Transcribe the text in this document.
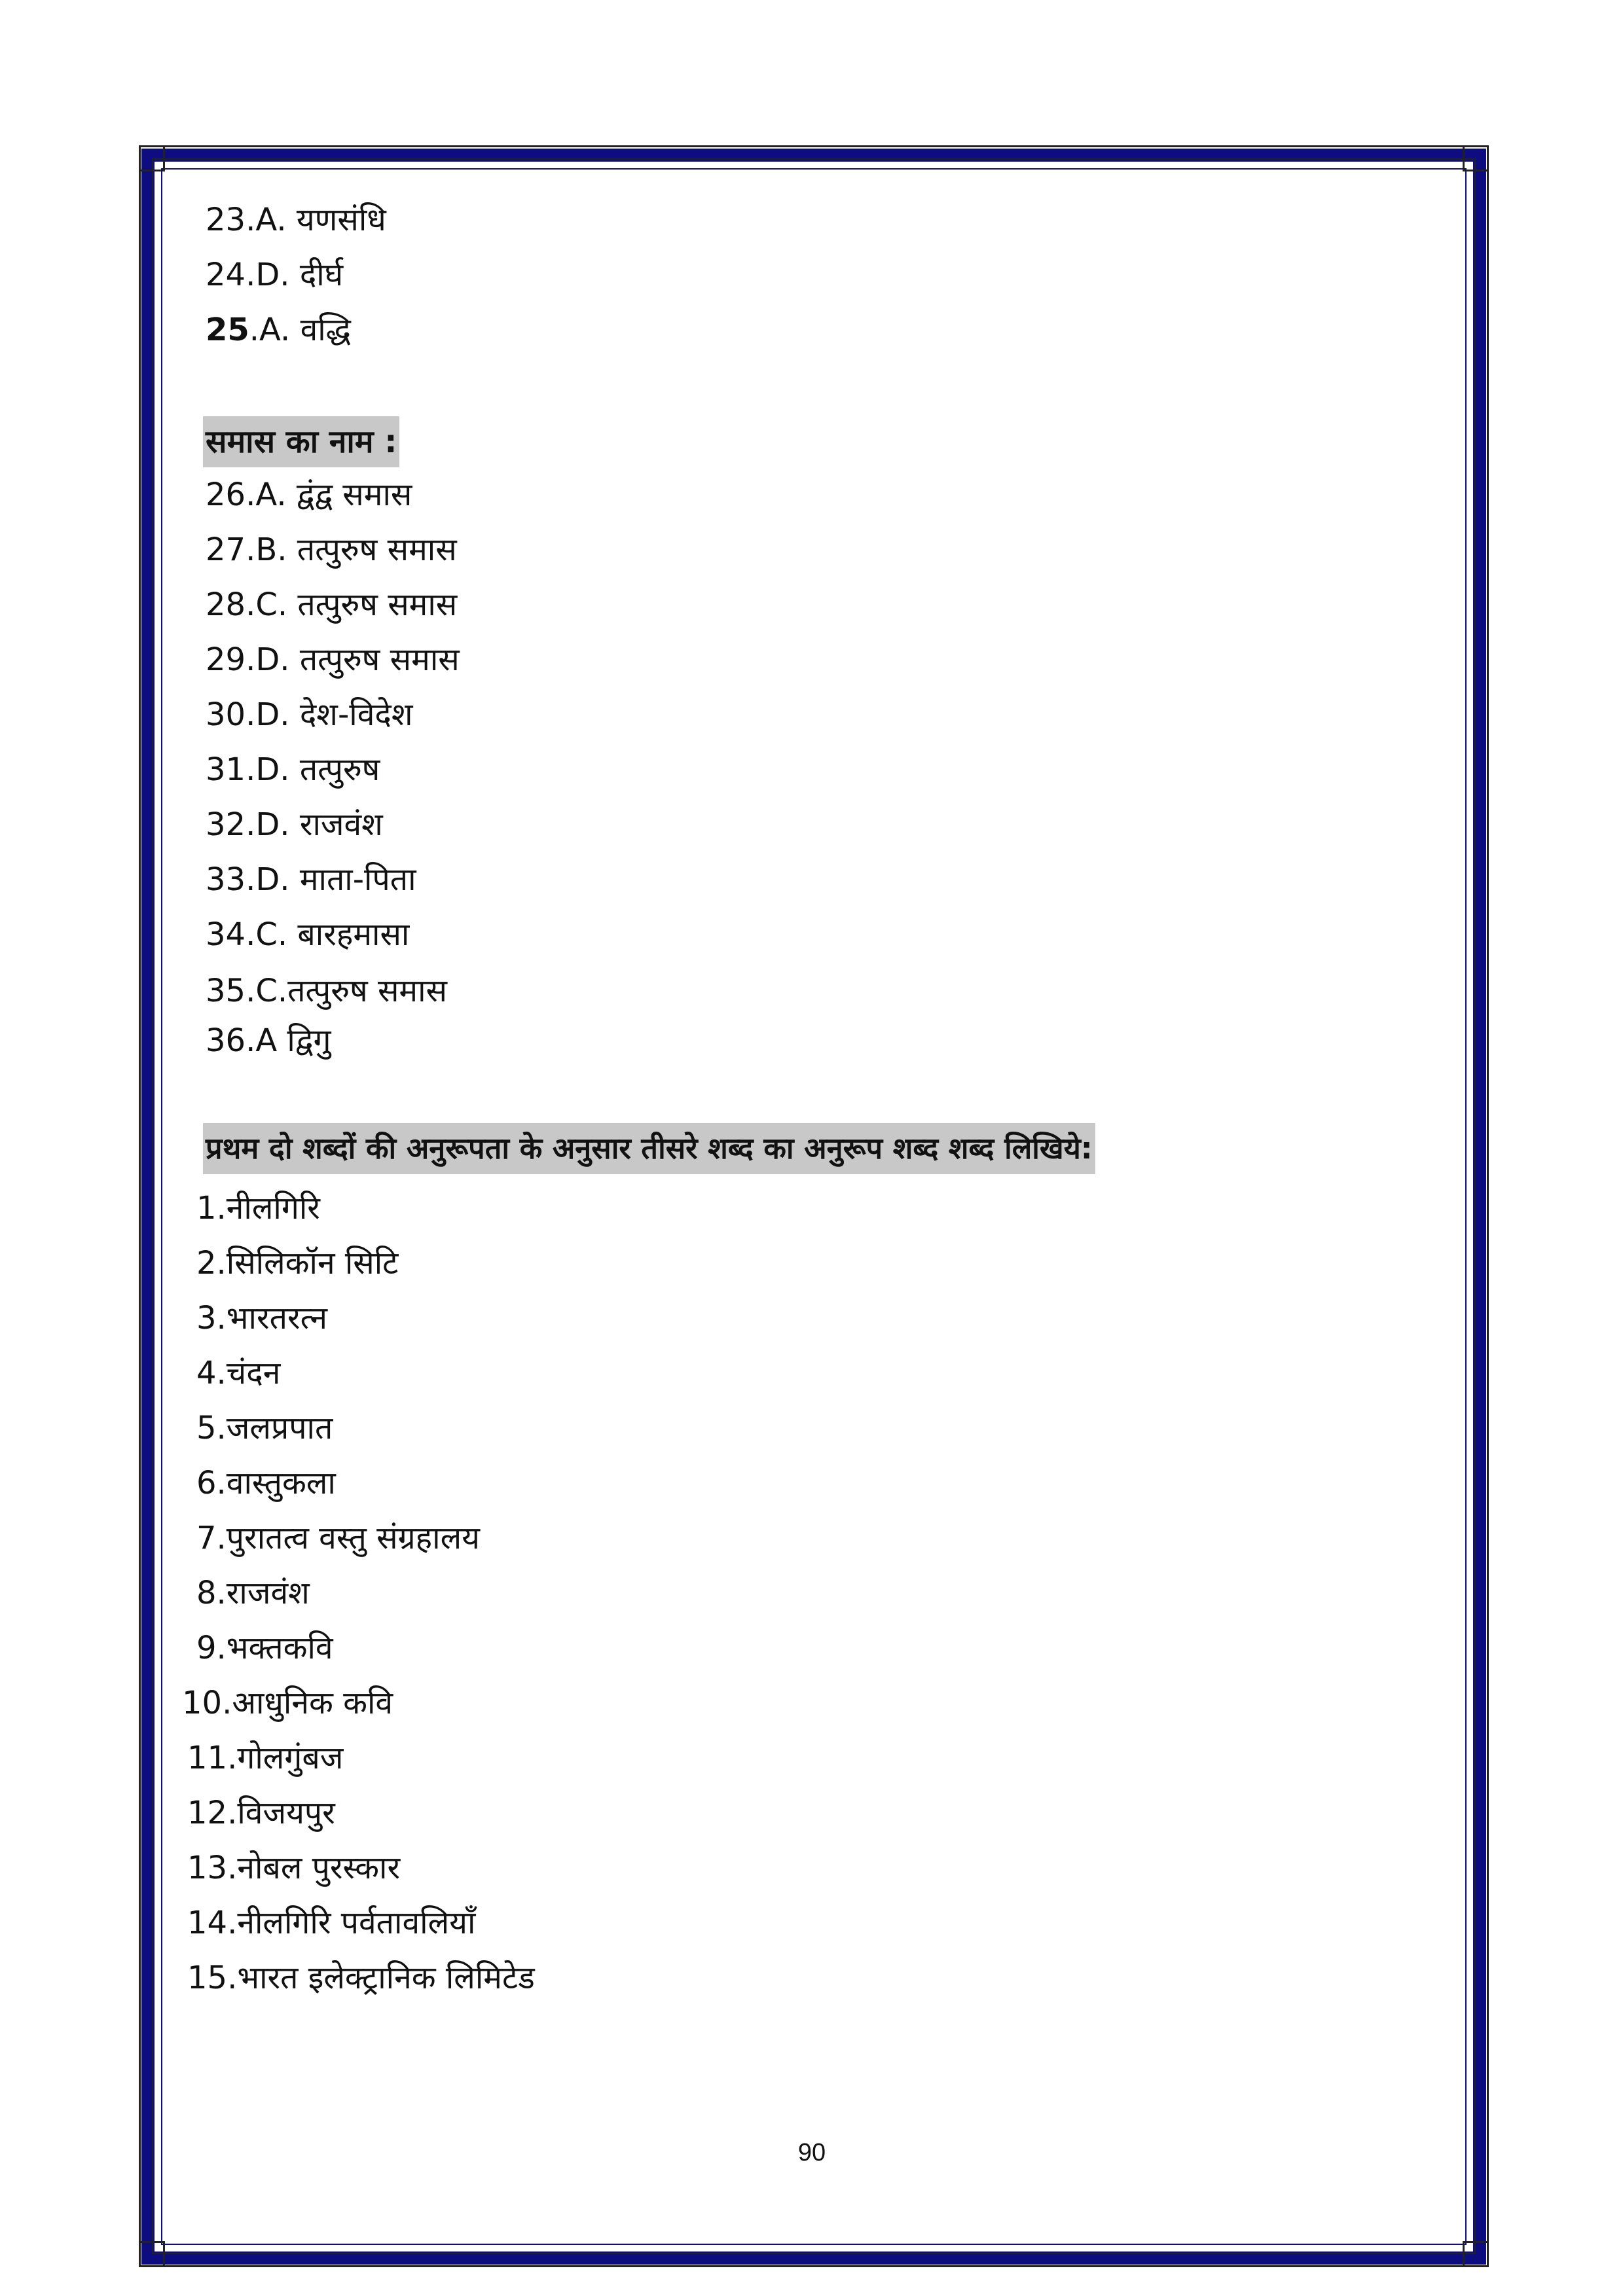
23.A. यणसंधि
24.D. दीर्घ
25.A. वद्धि
समास का नाम :
26.A. द्वंद्व समास
27.B. तत्पुरुष समास
28.C. तत्पुरुष समास
29.D. तत्पुरुष समास
30.D. देश-विदेश
31.D. तत्पुरुष
32.D. राजवंश
33.D. माता-पिता
34.C. बारहमासा
35.C.तत्पुरुष समास
36.A द्विगु
प्रथम दो शब्दों की अनुरूपता के अनुसार तीसरे शब्द का अनुरूप शब्द शब्द लिखिये:
1.नीलगिरि
2.सिलिकॉन सिटि
3.भारतरत्न
4.चंदन
5.जलप्रपात
6.वास्तुकला
7.पुरातत्व वस्तु संग्रहालय
8.राजवंश
9.भक्तकवि
10.आधुनिक कवि
11.गोलगुंबज
12.विजयपुर
13.नोबल पुरस्कार
14.नीलगिरि पर्वतावलियाँ
15.भारत इलेक्ट्रानिक लिमिटेड
90
